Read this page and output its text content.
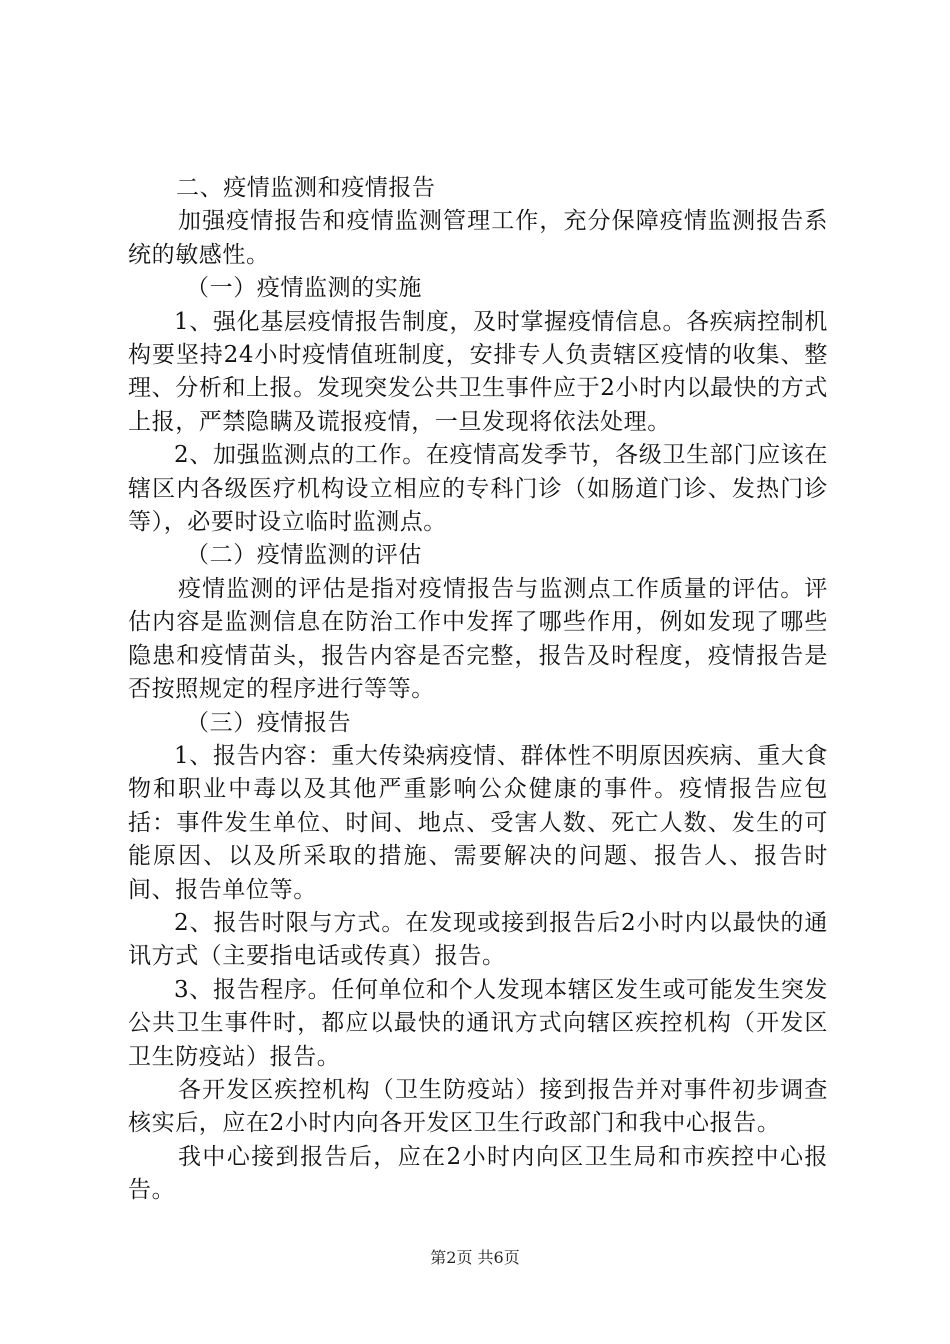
二、疫情监测和疫情报告

加强疫情报告和疫情监测管理工作，充分保障疫情监测报告系统的敏感性。

（一）疫情监测的实施

1、强化基层疫情报告制度，及时掌握疫情信息。各疾病控制机构要坚持24小时疫情值班制度，安排专人负责辖区疫情的收集、整理、分析和上报。发现突发公共卫生事件应于2小时内以最快的方式上报，严禁隐瞒及谎报疫情，一旦发现将依法处理。

2、加强监测点的工作。在疫情高发季节，各级卫生部门应该在辖区内各级医疗机构设立相应的专科门诊（如肠道门诊、发热门诊等），必要时设立临时监测点。

（二）疫情监测的评估

疫情监测的评估是指对疫情报告与监测点工作质量的评估。评估内容是监测信息在防治工作中发挥了哪些作用，例如发现了哪些隐患和疫情苗头，报告内容是否完整，报告及时程度，疫情报告是否按照规定的程序进行等等。

（三）疫情报告

1、报告内容：重大传染病疫情、群体性不明原因疾病、重大食物和职业中毒以及其他严重影响公众健康的事件。疫情报告应包括：事件发生单位、时间、地点、受害人数、死亡人数、发生的可能原因、以及所采取的措施、需要解决的问题、报告人、报告时间、报告单位等。

2、报告时限与方式。在发现或接到报告后2小时内以最快的通讯方式（主要指电话或传真）报告。

3、报告程序。任何单位和个人发现本辖区发生或可能发生突发公共卫生事件时，都应以最快的通讯方式向辖区疾控机构（开发区卫生防疫站）报告。

各开发区疾控机构（卫生防疫站）接到报告并对事件初步调查核实后，应在2小时内向各开发区卫生行政部门和我中心报告。

我中心接到报告后，应在2小时内向区卫生局和市疾控中心报告。

第2页 共6页
